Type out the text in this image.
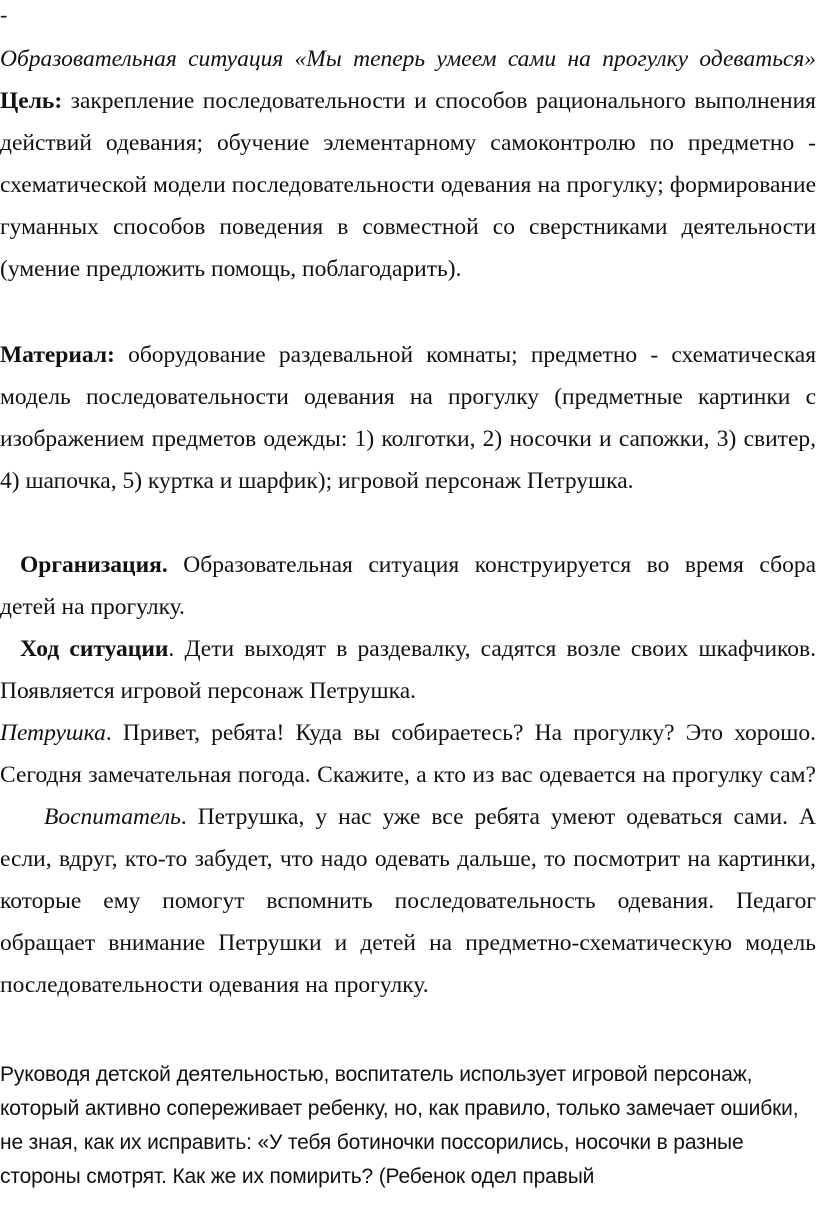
-

Образовательная ситуация «Мы теперь умеем сами на прогулку одеваться» Цель: закрепление последовательности и способов рационального выполнения действий одевания; обучение элементарному самоконтролю по предметно - схематической модели последовательности одевания на прогулку; формирование гуманных способов поведения в совместной со сверстниками деятельности (умение предложить помощь, поблагодарить).

Материал: оборудование раздевальной комнаты; предметно - схематическая модель последовательности одевания на прогулку (предметные картинки с изображением предметов одежды: 1) колготки, 2) носочки и сапожки, 3) свитер, 4) шапочка, 5) куртка и шарфик); игровой персонаж Петрушка.

Организация. Образовательная ситуация конструируется во время сбора детей на прогулку.

Ход ситуации. Дети выходят в раздевалку, садятся возле своих шкафчиков. Появляется игровой персонаж Петрушка.

Петрушка. Привет, ребята! Куда вы собираетесь? На прогулку? Это хорошо. Сегодня замечательная погода. Скажите, а кто из вас одевается на прогулку сам?Воспитатель. Петрушка, у нас уже все ребята умеют одеваться сами. А если, вдруг, кто-то забудет, что надо одевать дальше, то посмотрит на картинки, которые ему помогут вспомнить последовательность одевания. Педагог обращает внимание Петрушки и детей на предметно-схематическую модель последовательности одевания на прогулку.

Руководя детской деятельностью, воспитатель использует игровой персонаж, который активно сопереживает ребенку, но, как правило, только замечает ошибки, не зная, как их исправить: «У тебя ботиночки поссорились, носочки в разные стороны смотрят. Как же их помирить? (Ребенок одел правый
